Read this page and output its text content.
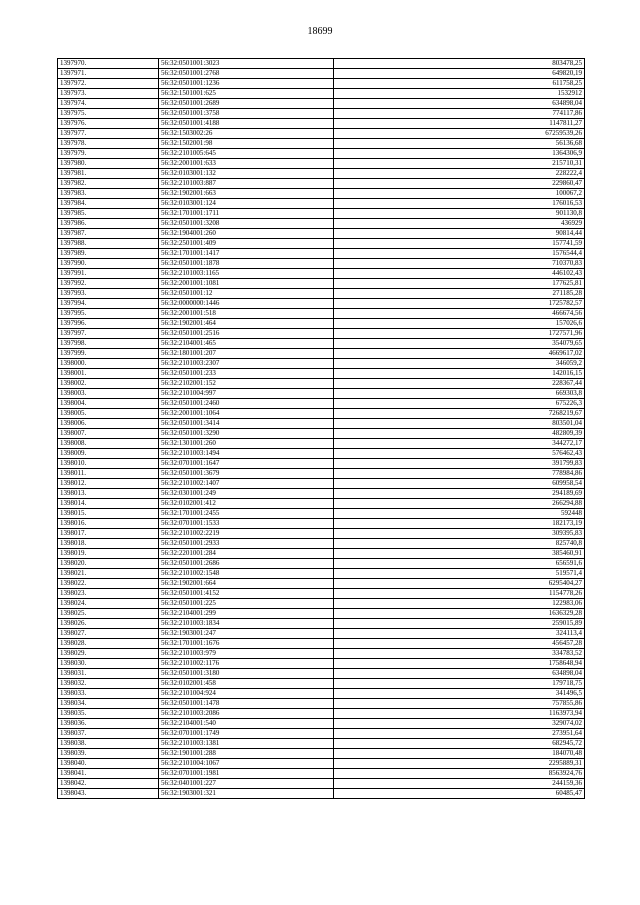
18699
1397970.	56:32:0501001:3023	803478,25
1397971.	56:32:0501001:2768	649820,19
1397972.	56:32:0501001:1236	611758,25
1397973.	56:32:1501001:625	1532912
1397974.	56:32:0501001:2689	634898,04
1397975.	56:32:0501001:3758	774117,86
1397976.	56:32:0501001:4188	1147811,27
1397977.	56:32:1503002:26	67259539,26
1397978.	56:32:1502001:98	56136,68
1397979.	56:32:2101005:645	1364306,9
1397980.	56:32:2001001:633	215710,31
1397981.	56:32:0103001:132	228222,4
1397982.	56:32:2101003:887	229860,47
1397983.	56:32:1902001:663	100067,2
1397984.	56:32:0103001:124	176016,53
1397985.	56:32:1701001:1711	901130,8
1397986.	56:32:0501001:3208	436929
1397987.	56:32:1904001:260	90814,44
1397988.	56:32:2501001:409	157741,59
1397989.	56:32:1701001:1417	1576544,4
1397990.	56:32:0501001:1878	710370,83
1397991.	56:32:2101003:1165	446102,43
1397992.	56:32:2001001:1081	177625,81
1397993.	56:32:0501001:12	271185,28
1397994.	56:32:0000000:1446	1725782,57
1397995.	56:32:2001001:518	466674,56
1397996.	56:32:1902001:464	157026,6
1397997.	56:32:0501001:2516	1727571,96
1397998.	56:32:2104001:465	354079,65
1397999.	56:32:1801001:207	4669617,02
1398000.	56:32:2101003:2307	346059,2
1398001.	56:32:0501001:233	142016,15
1398002.	56:32:2102001:152	228367,44
1398003.	56:32:2101004:997	669303,8
1398004.	56:32:0501001:2460	675226,3
1398005.	56:32:2001001:1064	7268219,67
1398006.	56:32:0501001:3414	803501,04
1398007.	56:32:0501001:3290	482809,39
1398008.	56:32:1301001:260	344272,17
1398009.	56:32:2101003:1494	576462,43
1398010.	56:32:0701001:1647	391799,83
1398011.	56:32:0501001:3679	778984,86
1398012.	56:32:2101002:1407	609958,54
1398013.	56:32:0301001:249	294189,69
1398014.	56:32:0102001:412	266294,88
1398015.	56:32:1701001:2455	592448
1398016.	56:32:0701001:1533	182173,19
1398017.	56:32:2101002:2219	309395,83
1398018.	56:32:0501001:2933	825740,8
1398019.	56:32:2201001:284	385460,91
1398020.	56:32:0501001:2686	656591,6
1398021.	56:32:2101002:1548	519571,4
1398022.	56:32:1902001:664	6295404,27
1398023.	56:32:0501001:4152	1154778,26
1398024.	56:32:0501001:225	122983,06
1398025.	56:32:2104001:299	1636329,28
1398026.	56:32:2101003:1834	259015,89
1398027.	56:32:1903001:247	324113,4
1398028.	56:32:1701001:1676	456457,28
1398029.	56:32:2101003:979	334783,52
1398030.	56:32:2101002:1176	1758648,94
1398031.	56:32:0501001:3180	634898,04
1398032.	56:32:0102001:458	179718,75
1398033.	56:32:2101004:924	341496,5
1398034.	56:32:0501001:1478	757855,86
1398035.	56:32:2101003:2086	1163973,94
1398036.	56:32:2104001:540	329074,02
1398037.	56:32:0701001:1749	273951,64
1398038.	56:32:2101003:1381	682945,72
1398039.	56:32:1901001:288	184070,48
1398040.	56:32:2101004:1067	2295889,31
1398041.	56:32:0701001:1981	8563924,76
1398042.	56:32:0401001:227	244159,36
1398043.	56:32:1903001:321	60485,47
